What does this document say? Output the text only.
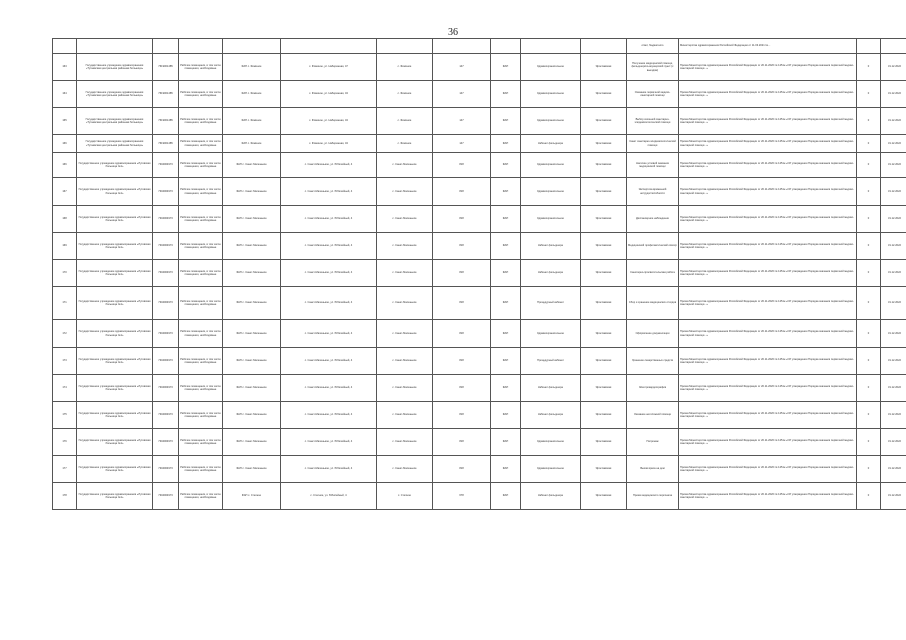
36
											ответ, бюджетного	Министерства здравоохранения Российской Федерации от 11.03.2021 №...		
163	Государственное учреждение здравоохранения «Тутаевская центральная районная больница»	7619001485	Рабочие помещения, в том числе помещения, необходимые	ФАП с. Фоминое	с. Фоминое, ул. Набережная, 47	с. Фоминое	147	ФАП	Здравоохранительное	Ярославская	Получение медицинской помощи, фельдшерско-акушерский пункт (с выездом)	Приказ Министерства здравоохранения Российской Федерации от 20.11.2020 № 1251н «Об утверждении Порядка оказания первичной медико-санитарной помощи...»	0	31.12.2022
164	Государственное учреждение здравоохранения «Тутаевская центральная районная больница»	7619001485	Рабочие помещения, в том числе помещения, необходимые	ФАП с. Фоминое	с. Фоминое, ул. Набережная, 43	с. Фоминое	147	ФАП	Здравоохранительное	Ярославская	Оказание первичной медико-санитарной помощи	Приказ Министерства здравоохранения Российской Федерации от 20.11.2020 № 1251н «Об утверждении Порядка оказания первичной медико-санитарной помощи...»	0	31.12.2022
165	Государственное учреждение здравоохранения «Тутаевская центральная районная больница»	7619001485	Рабочие помещения, в том числе помещения, необходимые	ФАП с. Фоминое	с. Фоминое, ул. Набережная, 43	с. Фоминое	147	ФАП	Здравоохранительное	Ярославская	Выбор сезонной санитарно-эпидемиологической помощи	Приказ Министерства здравоохранения Российской Федерации от 20.11.2020 № 1251н «Об утверждении Порядка оказания первичной медико-санитарной помощи...»	0	31.12.2022
166	Государственное учреждение здравоохранения «Тутаевская центральная районная больница»	7619001485	Рабочие помещения, в том числе помещения, необходимые	ФАП с. Фоминое	с. Фоминое, ул. Набережная, 43	с. Фоминое	147	ФАП	Кабинет фельдшера	Ярославская	Санкт санитарно-эпидемиологической помощи	Приказ Министерства здравоохранения Российской Федерации от 20.11.2020 № 1251н «Об утверждении Порядка оказания первичной медико-санитарной помощи...»	0	31.12.2022
166	Государственное учреждение здравоохранения «Луговская больница №1»	7304004973	Рабочие помещения, в том числе помещения, необходимые	ФАП с. Санкт-Маленькое	с. Санкт-Маленькое, ул. Юбилейный, 4	с. Санкт-Маленькое	818	ФАП	Здравоохранительное	Ярославская	Наличие условий оказания медицинской помощи	Приказ Министерства здравоохранения Российской Федерации от 20.11.2020 № 1251н «Об утверждении Порядка оказания первичной медико-санитарной помощи...»	0	31.12.2022
167	Государственное учреждение здравоохранения «Луговская больница №1»	7304004973	Рабочие помещения, в том числе помещения, необходимые	ФАП с. Санкт-Маленькое	с. Санкт-Маленькое, ул. Юбилейный, 4	с. Санкт-Маленькое	818	ФАП	Здравоохранительное	Ярославская	Экспертиза временной нетрудоспособности	Приказ Министерства здравоохранения Российской Федерации от 20.11.2020 № 1251н «Об утверждении Порядка оказания первичной медико-санитарной помощи...»	0	31.12.2022
168	Государственное учреждение здравоохранения «Луговская больница №1»	7304004973	Рабочие помещения, в том числе помещения, необходимые	ФАП с. Санкт-Маленькое	с. Санкт-Маленькое, ул. Юбилейный, 4	с. Санкт-Маленькое	818	ФАП	Здравоохранительное	Ярославская	Диспансерное наблюдение	Приказ Министерства здравоохранения Российской Федерации от 20.11.2020 № 1251н «Об утверждении Порядка оказания первичной медико-санитарной помощи...»	0	31.12.2022
169	Государственное учреждение здравоохранения «Луговская больница №1»	7304004973	Рабочие помещения, в том числе помещения, необходимые	ФАП с. Санкт-Маленькое	с. Санкт-Маленькое, ул. Юбилейный, 4	с. Санкт-Маленькое	818	ФАП	Кабинет фельдшера	Ярославская	Медицинский профилактический осмотр	Приказ Министерства здравоохранения Российской Федерации от 20.11.2020 № 1251н «Об утверждении Порядка оказания первичной медико-санитарной помощи...»	0	31.12.2022
170	Государственное учреждение здравоохранения «Луговская больница №1»	7304004973	Рабочие помещения, в том числе помещения, необходимые	ФАП с. Санкт-Маленькое	с. Санкт-Маленькое, ул. Юбилейный, 4	с. Санкт-Маленькое	818	ФАП	Кабинет фельдшера	Ярославская	Санитарно-просветительская работа	Приказ Министерства здравоохранения Российской Федерации от 20.11.2020 № 1251н «Об утверждении Порядка оказания первичной медико-санитарной помощи...»	0	31.12.2022
171	Государственное учреждение здравоохранения «Луговская больница №1»	7304004973	Рабочие помещения, в том числе помещения, необходимые	ФАП с. Санкт-Маленькое	с. Санкт-Маленькое, ул. Юбилейный, 4	с. Санкт-Маленькое	818	ФАП	Процедурный кабинет	Ярославская	Сбор и хранение медицинских отходов	Приказ Министерства здравоохранения Российской Федерации от 20.11.2020 № 1251н «Об утверждении Порядка оказания первичной медико-санитарной помощи...»	0	31.12.2022
172	Государственное учреждение здравоохранения «Луговская больница №1»	7304004973	Рабочие помещения, в том числе помещения, необходимые	ФАП с. Санкт-Маленькое	с. Санкт-Маленькое, ул. Юбилейный, 4	с. Санкт-Маленькое	818	ФАП	Здравоохранительное	Ярославская	Оформление документации	Приказ Министерства здравоохранения Российской Федерации от 20.11.2020 № 1251н «Об утверждении Порядка оказания первичной медико-санитарной помощи...»	0	31.12.2022
173	Государственное учреждение здравоохранения «Луговская больница №1»	7304004973	Рабочие помещения, в том числе помещения, необходимые	ФАП с. Санкт-Маленькое	с. Санкт-Маленькое, ул. Юбилейный, 4	с. Санкт-Маленькое	818	ФАП	Процедурный кабинет	Ярославская	Хранение лекарственных средств	Приказ Министерства здравоохранения Российской Федерации от 20.11.2020 № 1251н «Об утверждении Порядка оказания первичной медико-санитарной помощи...»	0	31.12.2022
174	Государственное учреждение здравоохранения «Луговская больница №1»	7304004973	Рабочие помещения, в том числе помещения, необходимые	ФАП с. Санкт-Маленькое	с. Санкт-Маленькое, ул. Юбилейный, 4	с. Санкт-Маленькое	818	ФАП	Кабинет фельдшера	Ярославская	Электрокардиография	Приказ Министерства здравоохранения Российской Федерации от 20.11.2020 № 1251н «Об утверждении Порядка оказания первичной медико-санитарной помощи...»	0	31.12.2022
175	Государственное учреждение здравоохранения «Луговская больница №1»	7304004973	Рабочие помещения, в том числе помещения, необходимые	ФАП с. Санкт-Маленькое	с. Санкт-Маленькое, ул. Юбилейный, 4	с. Санкт-Маленькое	818	ФАП	Кабинет фельдшера	Ярославская	Оказание неотложной помощи	Приказ Министерства здравоохранения Российской Федерации от 20.11.2020 № 1251н «Об утверждении Порядка оказания первичной медико-санитарной помощи...»	0	31.12.2022
176	Государственное учреждение здравоохранения «Луговская больница №1»	7304004973	Рабочие помещения, в том числе помещения, необходимые	ФАП с. Санкт-Маленькое	с. Санкт-Маленькое, ул. Юбилейный, 4	с. Санкт-Маленькое	818	ФАП	Здравоохранительное	Ярославская	Патронаж	Приказ Министерства здравоохранения Российской Федерации от 20.11.2020 № 1251н «Об утверждении Порядка оказания первичной медико-санитарной помощи...»	0	31.12.2022
177	Государственное учреждение здравоохранения «Луговская больница №1»	7304004973	Рабочие помещения, в том числе помещения, необходимые	ФАП с. Санкт-Маленькое	с. Санкт-Маленькое, ул. Юбилейный, 4	с. Санкт-Маленькое	818	ФАП	Здравоохранительное	Ярославская	Вызов врача на дом	Приказ Министерства здравоохранения Российской Федерации от 20.11.2020 № 1251н «Об утверждении Порядка оказания первичной медико-санитарной помощи...»	0	31.12.2022
178	Государственное учреждение здравоохранения «Луговская больница №1»	7304004973	Рабочие помещения, в том числе помещения, необходимые	ФАП с. Степное	с. Степное, ул. Юбилейный, 4	с. Степное	678	ФАП	Кабинет фельдшера	Ярославская	Прием медицинского персонала	Приказ Министерства здравоохранения Российской Федерации от 20.11.2020 № 1251н «Об утверждении Порядка оказания первичной медико-санитарной помощи...»	0	31.12.2022
